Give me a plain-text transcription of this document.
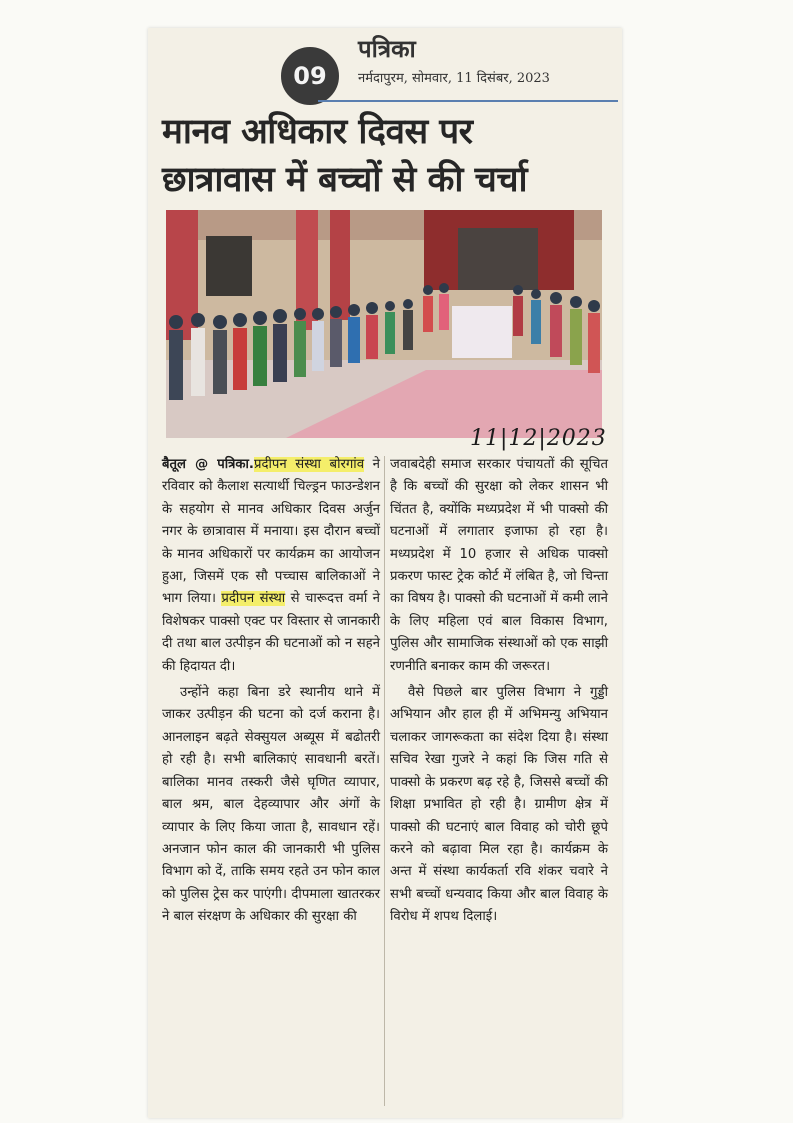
09
पत्रिका
नर्मदापुरम, सोमवार, 11 दिसंबर, 2023
मानव अधिकार दिवस पर
छात्रावास में बच्चों से की चर्चा
11|12|2023

बैतूल @ पत्रिका.प्रदीपन संस्था बोरगांव ने रविवार को कैलाश सत्यार्थी चिल्ड्रन फाउन्डेशन के सहयोग से मानव अधिकार दिवस अर्जुन नगर के छात्रावास में मनाया। इस दौरान बच्चों के मानव अधिकारों पर कार्यक्रम का आयोजन हुआ, जिसमें एक सौ पच्चास बालिकाओं ने भाग लिया। प्रदीपन संस्था से चारूदत्त वर्मा ने विशेषकर पाक्सो एक्ट पर विस्तार से जानकारी दी तथा बाल उत्पीड़न की घटनाओं को न सहने की हिदायत दी।

उन्होंने कहा बिना डरे स्थानीय थाने में जाकर उत्पीड़न की घटना को दर्ज कराना है। आनलाइन बढ़ते सेक्सुयल अब्यूस में बढोतरी हो रही है। सभी बालिकाएं सावधानी बरतें। बालिका मानव तस्करी जैसे घृणित व्यापार, बाल श्रम, बाल देहव्यापार और अंगों के व्यापार के लिए किया जाता है, सावधान रहें। अनजान फोन काल की जानकारी भी पुलिस विभाग को दें, ताकि समय रहते उन फोन काल को पुलिस ट्रेस कर पाएंगी। दीपमाला खातरकर ने बाल संरक्षण के अधिकार की सुरक्षा की

जवाबदेही समाज सरकार पंचायतों की सूचित है कि बच्चों की सुरक्षा को लेकर शासन भी चिंतत है, क्योंकि मध्यप्रदेश में भी पाक्सो की घटनाओं में लगातार इजाफा हो रहा है। मध्यप्रदेश में 10 हजार से अधिक पाक्सो प्रकरण फास्ट ट्रेक कोर्ट में लंबित है, जो चिन्ता का विषय है। पाक्सो की घटनाओं में कमी लाने के लिए महिला एवं बाल विकास विभाग, पुलिस और सामाजिक संस्थाओं को एक साझी रणनीति बनाकर काम की जरूरत।

वैसे पिछले बार पुलिस विभाग ने गुड्डी अभियान और हाल ही में अभिमन्यु अभियान चलाकर जागरूकता का संदेश दिया है। संस्था सचिव रेखा गुजरे ने कहां कि जिस गति से पाक्सो के प्रकरण बढ़ रहे है, जिससे बच्चों की शिक्षा प्रभावित हो रही है। ग्रामीण क्षेत्र में पाक्सो की घटनाएं बाल विवाह को चोरी छूपे करने को बढ़ावा मिल रहा है। कार्यक्रम के अन्त में संस्था कार्यकर्ता रवि शंकर चवारे ने सभी बच्चों धन्यवाद किया और बाल विवाह के विरोध में शपथ दिलाई।
